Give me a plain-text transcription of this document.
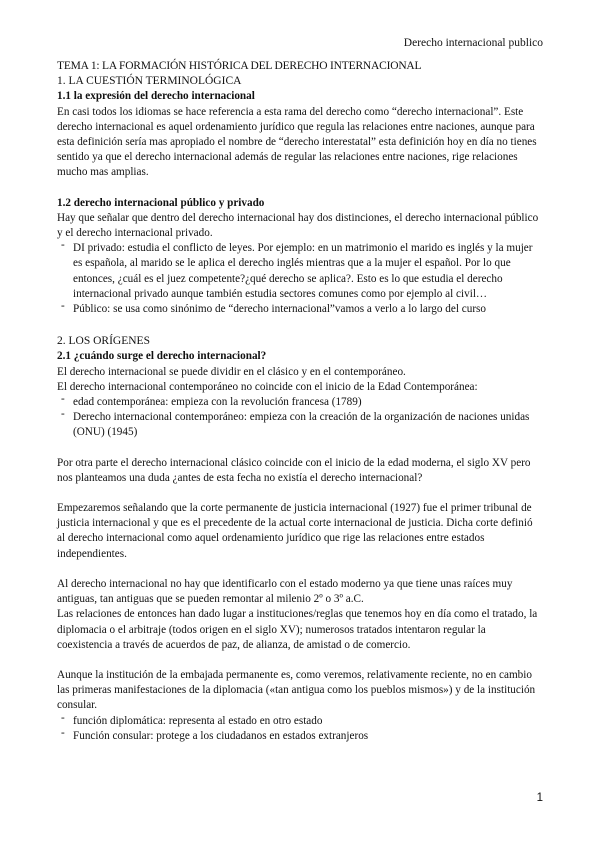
Derecho internacional publico

TEMA 1: LA FORMACIÓN HISTÓRICA DEL DERECHO INTERNACIONAL

1. LA CUESTIÓN TERMINOLÓGICA

1.1 la expresión del derecho internacional

En casi todos los idiomas se hace referencia a esta rama del derecho como “derecho internacional”. Este derecho internacional es aquel ordenamiento jurídico que regula las relaciones entre naciones, aunque para esta definición sería mas apropiado el nombre de “derecho interestatal” esta definición hoy en día no tienes sentido ya que el derecho internacional además de regular las relaciones entre naciones, rige relaciones mucho mas amplias.

1.2 derecho internacional público y privado

Hay que señalar que dentro del derecho internacional hay dos distinciones, el derecho internacional público y el derecho internacional privado.

- DI privado: estudia el conflicto de leyes. Por ejemplo: en un matrimonio el marido es inglés y la mujer es española, al marido se le aplica el derecho inglés mientras que a la mujer el español. Por lo que entonces, ¿cuál es el juez competente?¿qué derecho se aplica?. Esto es lo que estudia el derecho internacional privado aunque también estudia sectores comunes como por ejemplo al civil…
- Público: se usa como sinónimo de “derecho internacional”vamos a verlo a lo largo del curso

2. LOS ORÍGENES

2.1 ¿cuándo surge el derecho internacional?

El derecho internacional se puede dividir en el clásico y en el contemporáneo.

El derecho internacional contemporáneo no coincide con el inicio de la Edad Contemporánea:

- edad contemporánea: empieza con la revolución francesa (1789)
- Derecho internacional contemporáneo: empieza con la creación de la organización de naciones unidas (ONU) (1945)

Por otra parte el derecho internacional clásico coincide con el inicio de la edad moderna, el siglo XV pero nos planteamos una duda ¿antes de esta fecha no existía el derecho internacional?

Empezaremos señalando que la corte permanente de justicia internacional (1927) fue el primer tribunal de justicia internacional y que es el precedente de la actual corte internacional de justicia. Dicha corte definió al derecho internacional como aquel ordenamiento jurídico que rige las relaciones entre estados independientes.

Al derecho internacional no hay que identificarlo con el estado moderno ya que tiene unas raíces muy antiguas, tan antiguas que se pueden remontar al milenio 2º o 3º a.C.

Las relaciones de entonces han dado lugar a instituciones/reglas que tenemos hoy en día como el tratado, la diplomacia o el arbitraje (todos origen en el siglo XV); numerosos tratados intentaron regular la coexistencia a través de acuerdos de paz, de alianza, de amistad o de comercio.

Aunque la institución de la embajada permanente es, como veremos, relativamente reciente, no en cambio las primeras manifestaciones de la diplomacia («tan antigua como los pueblos mismos») y de la institución consular.

- función diplomática: representa al estado en otro estado
- Función consular: protege a los ciudadanos en estados extranjeros
1
